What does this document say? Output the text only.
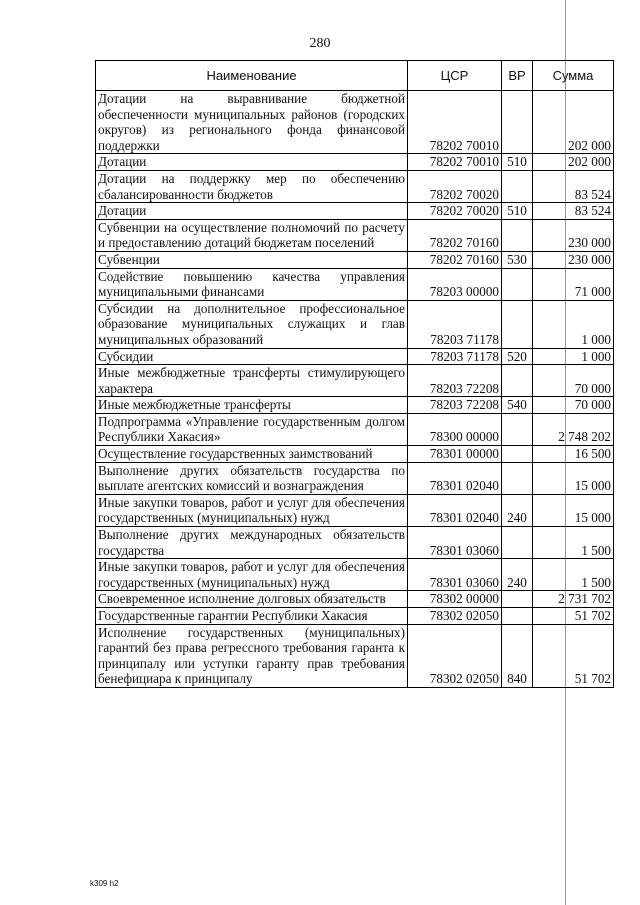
280
Наименование	ЦСР	ВР	Сумма
Дотации на выравнивание бюджетной обеспеченности муниципальных районов (городских округов) из регионального фонда финансовой поддержки	78202 70010		202 000
Дотации	78202 70010	510	202 000
Дотации на поддержку мер по обеспечению сбалансированности бюджетов	78202 70020		83 524
Дотации	78202 70020	510	83 524
Субвенции на осуществление полномочий по расчету и предоставлению дотаций бюджетам поселений	78202 70160		230 000
Субвенции	78202 70160	530	230 000
Содействие повышению качества управления муниципальными финансами	78203 00000		71 000
Субсидии на дополнительное профессиональное образование муниципальных служащих и глав муниципальных образований	78203 71178		1 000
Субсидии	78203 71178	520	1 000
Иные межбюджетные трансферты стимулирующего характера	78203 72208		70 000
Иные межбюджетные трансферты	78203 72208	540	70 000
Подпрограмма «Управление государственным долгом Республики Хакасия»	78300 00000		2 748 202
Осуществление государственных заимствований	78301 00000		16 500
Выполнение других обязательств государства по выплате агентских комиссий и вознаграждения	78301 02040		15 000
Иные закупки товаров, работ и услуг для обеспечения государственных (муниципальных) нужд	78301 02040	240	15 000
Выполнение других международных обязательств государства	78301 03060		1 500
Иные закупки товаров, работ и услуг для обеспечения государственных (муниципальных) нужд	78301 03060	240	1 500
Своевременное исполнение долговых обязательств	78302 00000		2 731 702
Государственные гарантии Республики Хакасия	78302 02050		51 702
Исполнение государственных (муниципальных) гарантий без права регрессного требования гаранта к принципалу или уступки гаранту прав требования бенефициара к принципалу	78302 02050	840	51 702
k309 h2
